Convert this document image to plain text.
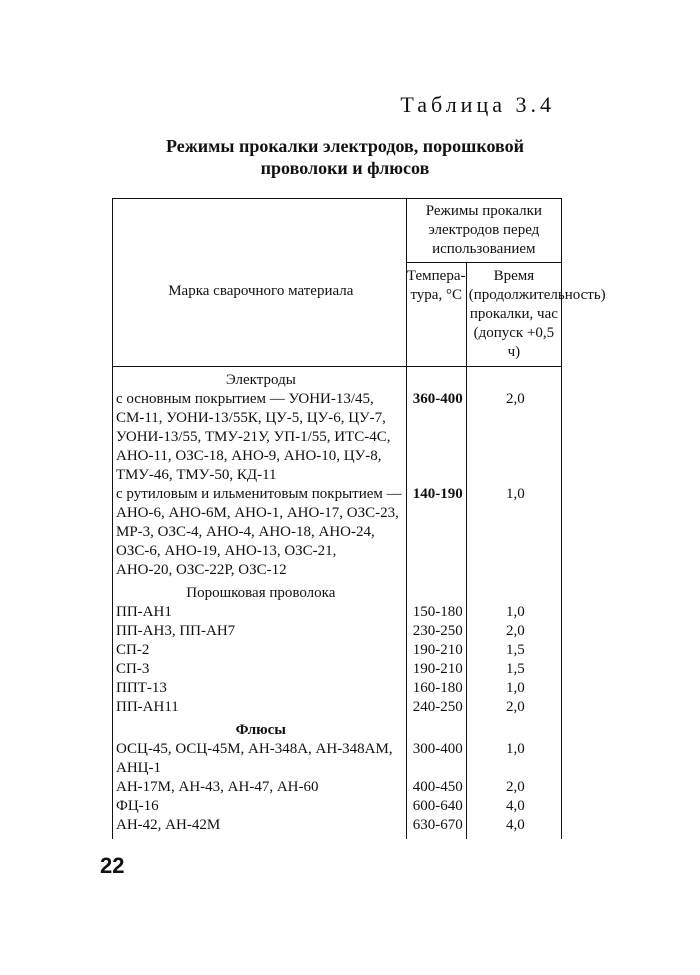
Таблица 3.4
Режимы прокалки электродов, порошковой
проволоки и флюсов
Марка сварочного материала	Режимы прокалки электродов перед использованием	
	Темпера-тура, °С	Время (продолжительность) прокалки, час (допуск +0,5 ч)
Электроды		

с основным покрытием — УОНИ-13/45,
СМ-11, УОНИ-13/55К, ЦУ-5, ЦУ-6, ЦУ-7,
УОНИ-13/55, ТМУ-21У, УП-1/55, ИТС-4С,
АНО-11, ОЗС-18, АНО-9, АНО-10, ЦУ-8,
ТМУ-46, ТМУ-50, КД-11	360-400	2,0

с рутиловым и ильменитовым покрытием —
АНО-6, АНО-6М, АНО-1, АНО-17, ОЗС-23,
МР-3, ОЗС-4, АНО-4, АНО-18, АНО-24,
ОЗС-6, АНО-19, АНО-13, ОЗС-21,
АНО-20, ОЗС-22Р, ОЗС-12	140-190	1,0
Порошковая проволока		
ПП-АН1	150-180	1,0
ПП-АН3, ПП-АН7	230-250	2,0
СП-2	190-210	1,5
СП-3	190-210	1,5
ППТ-13	160-180	1,0
ПП-АН11	240-250	2,0
Флюсы		

ОСЦ-45, ОСЦ-45М, АН-348А, АН-348АМ,
АНЦ-1	300-400	1,0
АН-17М, АН-43, АН-47, АН-60	400-450	2,0
ФЦ-16	600-640	4,0
АН-42, АН-42М	630-670	4,0
22
